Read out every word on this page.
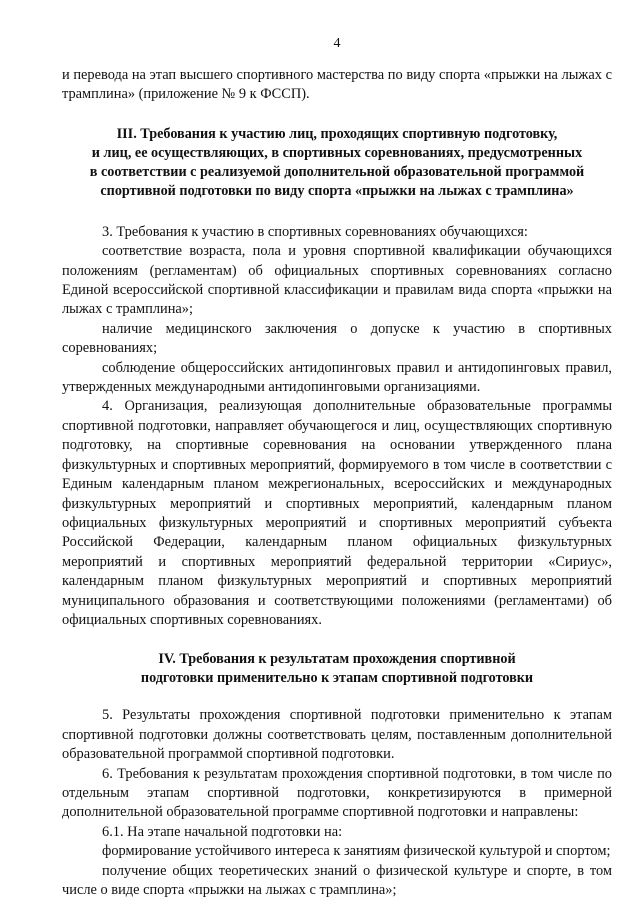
4

и перевода на этап высшего спортивного мастерства по виду спорта «прыжки на лыжах с трамплина» (приложение № 9 к ФССП).

III. Требования к участию лиц, проходящих спортивную подготовку,
и лиц, ее осуществляющих, в спортивных соревнованиях, предусмотренных
в соответствии с реализуемой дополнительной образовательной программой
спортивной подготовки по виду спорта «прыжки на лыжах с трамплина»

3. Требования к участию в спортивных соревнованиях обучающихся:

соответствие возраста, пола и уровня спортивной квалификации обучающихся положениям (регламентам) об официальных спортивных соревнованиях согласно Единой всероссийской спортивной классификации и правилам вида спорта «прыжки на лыжах с трамплина»;

наличие медицинского заключения о допуске к участию в спортивных соревнованиях;

соблюдение общероссийских антидопинговых правил и антидопинговых правил, утвержденных международными антидопинговыми организациями.

4. Организация, реализующая дополнительные образовательные программы спортивной подготовки, направляет обучающегося и лиц, осуществляющих спортивную подготовку, на спортивные соревнования на основании утвержденного плана физкультурных и спортивных мероприятий, формируемого в том числе в соответствии с Единым календарным планом межрегиональных, всероссийских и международных физкультурных мероприятий и спортивных мероприятий, календарным планом официальных физкультурных мероприятий и спортивных мероприятий субъекта Российской Федерации, календарным планом официальных физкультурных мероприятий и спортивных мероприятий федеральной территории «Сириус», календарным планом физкультурных мероприятий и спортивных мероприятий муниципального образования и соответствующими положениями (регламентами) об официальных спортивных соревнованиях.

IV. Требования к результатам прохождения спортивной
подготовки применительно к этапам спортивной подготовки

5. Результаты прохождения спортивной подготовки применительно к этапам спортивной подготовки должны соответствовать целям, поставленным дополнительной образовательной программой спортивной подготовки.

6. Требования к результатам прохождения спортивной подготовки, в том числе по отдельным этапам спортивной подготовки, конкретизируются в примерной дополнительной образовательной программе спортивной подготовки и направлены:

6.1. На этапе начальной подготовки на:

формирование устойчивого интереса к занятиям физической культурой и спортом;

получение общих теоретических знаний о физической культуре и спорте, в том числе о виде спорта «прыжки на лыжах с трамплина»;
